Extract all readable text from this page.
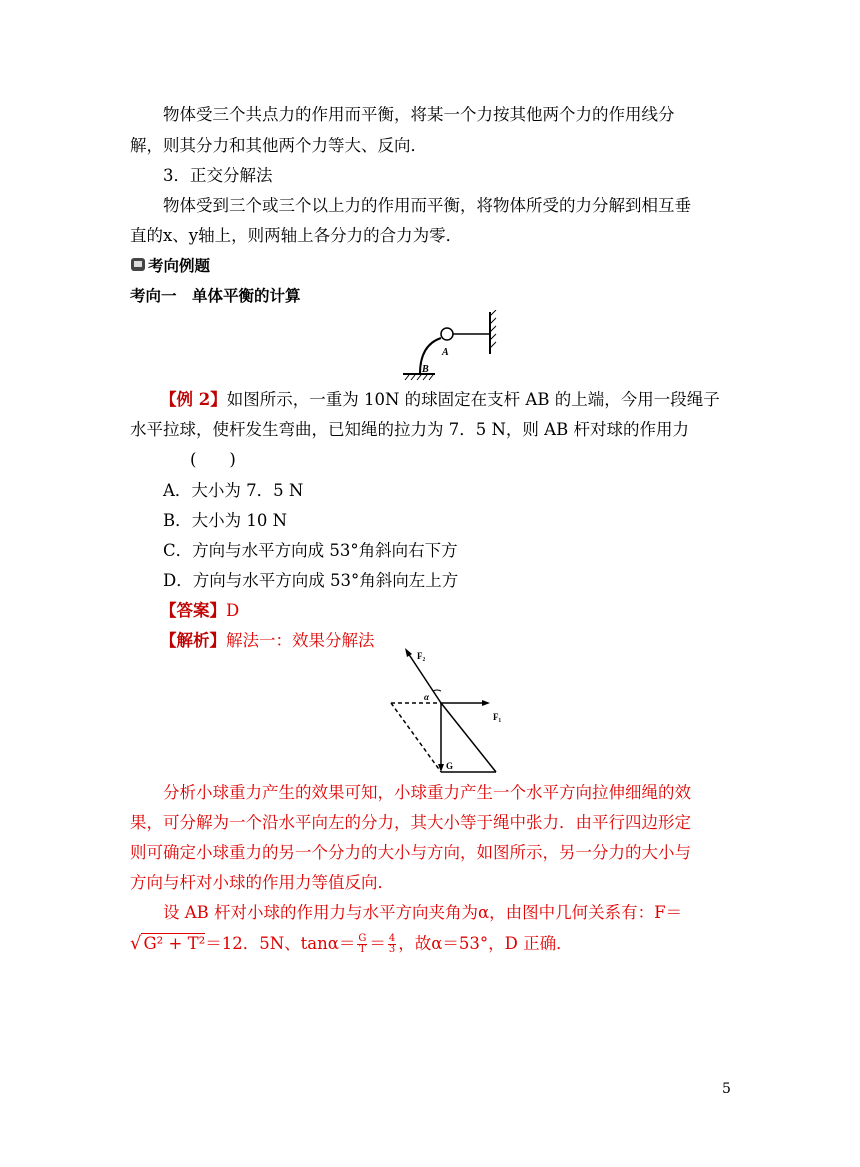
物体受三个共点力的作用而平衡，将某一个力按其他两个力的作用线分
解，则其分力和其他两个力等大、反向．
3．正交分解法
物体受到三个或三个以上力的作用而平衡，将物体所受的力分解到相互垂
直的x、y轴上，则两轴上各分力的合力为零．
考向例题
考向一　单体平衡的计算
A
B
【例 2】如图所示，一重为 10N 的球固定在支杆 AB 的上端，今用一段绳子
水平拉球，使杆发生弯曲，已知绳的拉力为 7．5 N，则 AB 杆对球的作用力
(　　)
A．大小为 7．5 N
B．大小为 10 N
C．方向与水平方向成 53°角斜向右下方
D．方向与水平方向成 53°角斜向左上方
【答案】D
【解析】解法一：效果分解法
F₂
F₁
α
G
分析小球重力产生的效果可知，小球重力产生一个水平方向拉伸细绳的效
果，可分解为一个沿水平向左的分力，其大小等于绳中张力．由平行四边形定
则可确定小球重力的另一个分力的大小与方向，如图所示，另一分力的大小与
方向与杆对小球的作用力等值反向．
设 AB 杆对小球的作用力与水平方向夹角为α，由图中几何关系有：F＝
√ G² + T²＝12．5N、$\tan\alpha= \frac{G}{T} = \frac{4}{3}$ ，故α＝53°，D 正确．
5
